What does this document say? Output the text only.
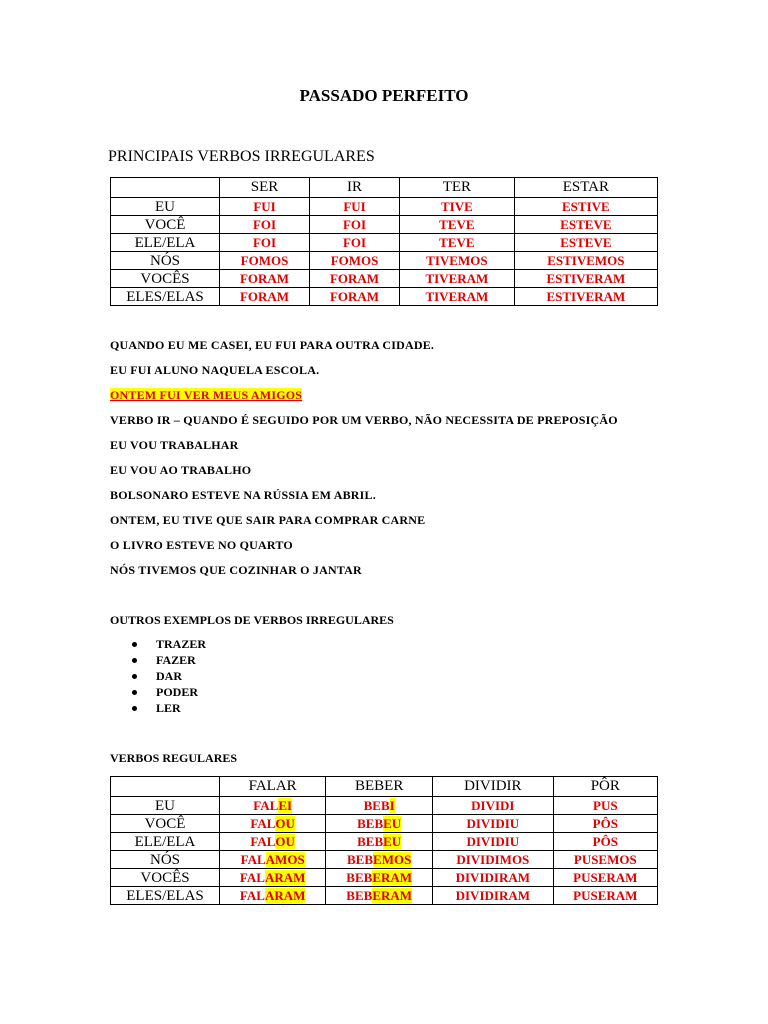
PASSADO PERFEITO
PRINCIPAIS VERBOS IRREGULARES
	SER	IR	TER	ESTAR
EU	FUI	FUI	TIVE	ESTIVE
VOCÊ	FOI	FOI	TEVE	ESTEVE
ELE/ELA	FOI	FOI	TEVE	ESTEVE
NÓS	FOMOS	FOMOS	TIVEMOS	ESTIVEMOS
VOCÊS	FORAM	FORAM	TIVERAM	ESTIVERAM
ELES/ELAS	FORAM	FORAM	TIVERAM	ESTIVERAM
QUANDO EU ME CASEI, EU FUI PARA OUTRA CIDADE.
EU FUI ALUNO NAQUELA ESCOLA.
ONTEM FUI VER MEUS AMIGOS
VERBO IR – QUANDO É SEGUIDO POR UM VERBO, NÃO NECESSITA DE PREPOSIÇÃO
EU VOU TRABALHAR
EU VOU AO TRABALHO
BOLSONARO ESTEVE NA RÚSSIA EM ABRIL.
ONTEM, EU TIVE QUE SAIR PARA COMPRAR CARNE
O LIVRO ESTEVE NO QUARTO
NÓS TIVEMOS QUE COZINHAR O JANTAR
OUTROS EXEMPLOS DE VERBOS IRREGULARES
TRAZER
FAZER
DAR
PODER
LER
VERBOS REGULARES
	FALAR	BEBER	DIVIDIR	PÔR
EU	FALEI	BEBI	DIVIDI	PUS
VOCÊ	FALOU	BEBEU	DIVIDIU	PÔS
ELE/ELA	FALOU	BEBEU	DIVIDIU	PÔS
NÓS	FALAMOS	BEBEMOS	DIVIDIMOS	PUSEMOS
VOCÊS	FALARAM	BEBERAM	DIVIDIRAM	PUSERAM
ELES/ELAS	FALARAM	BEBERAM	DIVIDIRAM	PUSERAM
